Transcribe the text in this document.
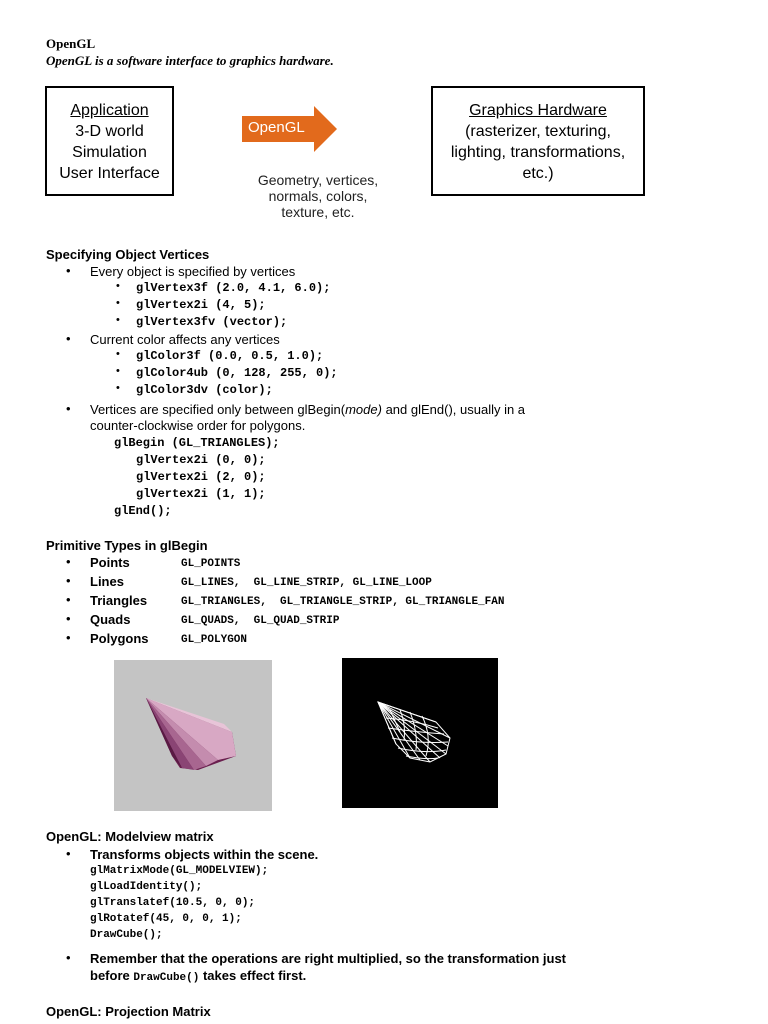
OpenGL
OpenGL is a software interface to graphics hardware.
Application
3-D world
Simulation
User Interface
OpenGL
Geometry, vertices,
normals, colors,
texture, etc.
Graphics Hardware
(rasterizer, texturing,
lighting, transformations,
etc.)
Specifying Object Vertices
• Every object is specified by vertices
• glVertex3f (2.0, 4.1, 6.0);
• glVertex2i (4, 5);
• glVertex3fv (vector);
• Current color affects any vertices
• glColor3f (0.0, 0.5, 1.0);
• glColor4ub (0, 128, 255, 0);
• glColor3dv (color);
• Vertices are specified only between glBegin(mode) and glEnd(), usually in a
counter-clockwise order for polygons.
glBegin (GL_TRIANGLES);
glVertex2i (0, 0);
glVertex2i (2, 0);
glVertex2i (1, 1);
glEnd();
Primitive Types in glBegin
• Points	GL_POINTS
• Lines	GL_LINES,  GL_LINE_STRIP, GL_LINE_LOOP
• Triangles	GL_TRIANGLES,  GL_TRIANGLE_STRIP, GL_TRIANGLE_FAN
• Quads	GL_QUADS,  GL_QUAD_STRIP
• Polygons	GL_POLYGON
OpenGL: Modelview matrix
• Transforms objects within the scene.
glMatrixMode(GL_MODELVIEW);
glLoadIdentity();
glTranslatef(10.5, 0, 0);
glRotatef(45, 0, 0, 1);
DrawCube();
• Remember that the operations are right multiplied, so the transformation just
before DrawCube() takes effect first.
OpenGL: Projection Matrix
